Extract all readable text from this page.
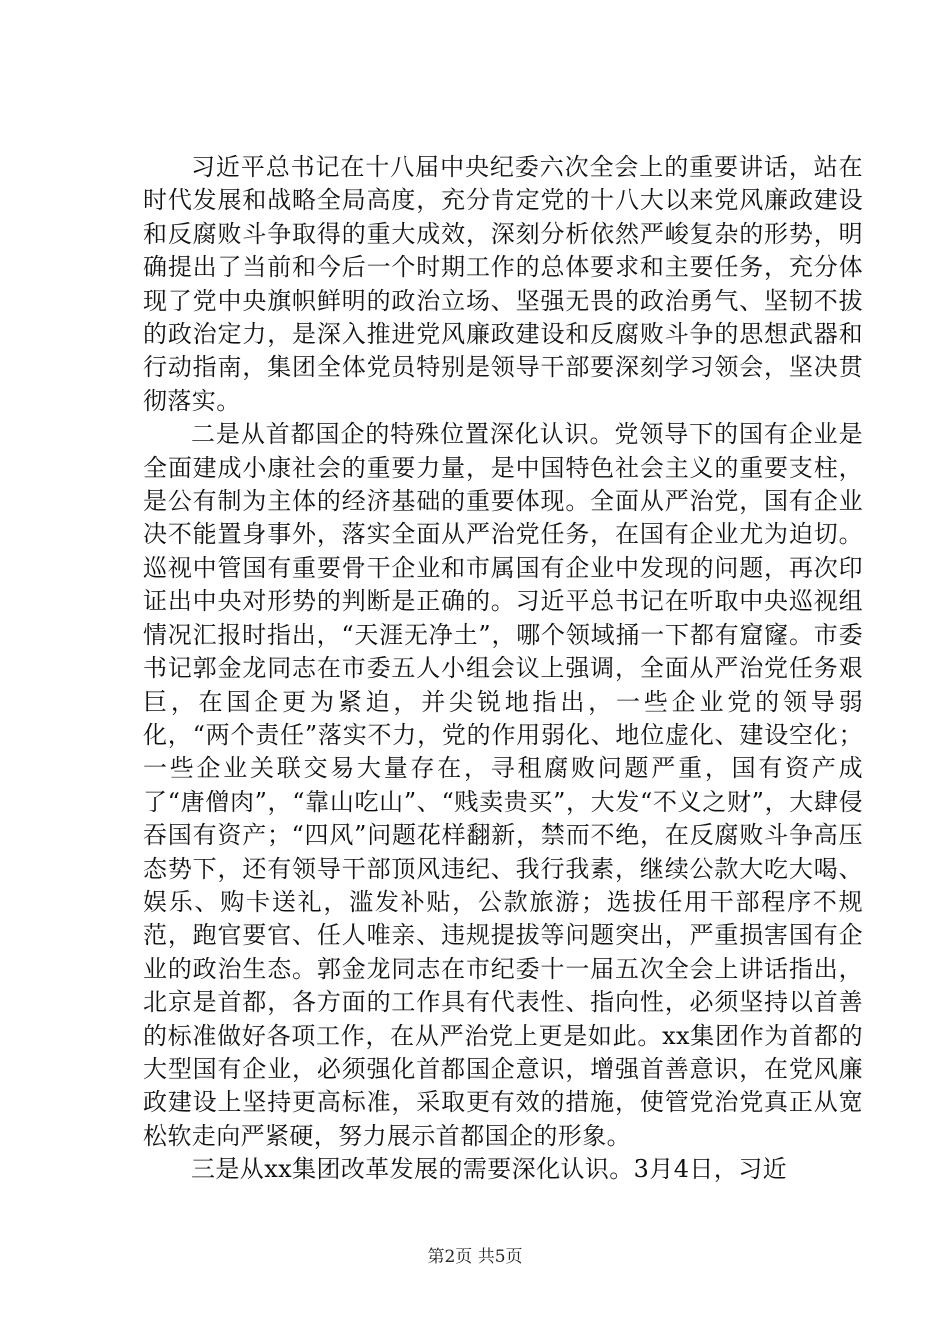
习近平总书记在十八届中央纪委六次全会上的重要讲话，站在时代发展和战略全局高度，充分肯定党的十八大以来党风廉政建设和反腐败斗争取得的重大成效，深刻分析依然严峻复杂的形势，明确提出了当前和今后一个时期工作的总体要求和主要任务，充分体现了党中央旗帜鲜明的政治立场、坚强无畏的政治勇气、坚韧不拔的政治定力，是深入推进党风廉政建设和反腐败斗争的思想武器和行动指南，集团全体党员特别是领导干部要深刻学习领会，坚决贯彻落实。

二是从首都国企的特殊位置深化认识。党领导下的国有企业是全面建成小康社会的重要力量，是中国特色社会主义的重要支柱，是公有制为主体的经济基础的重要体现。全面从严治党，国有企业决不能置身事外，落实全面从严治党任务，在国有企业尤为迫切。巡视中管国有重要骨干企业和市属国有企业中发现的问题，再次印证出中央对形势的判断是正确的。习近平总书记在听取中央巡视组情况汇报时指出，“天涯无净土”，哪个领域捅一下都有窟窿。市委书记郭金龙同志在市委五人小组会议上强调，全面从严治党任务艰巨，在国企更为紧迫，并尖锐地指出，一些企业党的领导弱化，“两个责任”落实不力，党的作用弱化、地位虚化、建设空化；一些企业关联交易大量存在，寻租腐败问题严重，国有资产成了“唐僧肉”，“靠山吃山”、“贱卖贵买”，大发“不义之财”，大肆侵吞国有资产；“四风”问题花样翻新，禁而不绝，在反腐败斗争高压态势下，还有领导干部顶风违纪、我行我素，继续公款大吃大喝、娱乐、购卡送礼，滥发补贴，公款旅游；选拔任用干部程序不规范，跑官要官、任人唯亲、违规提拔等问题突出，严重损害国有企业的政治生态。郭金龙同志在市纪委十一届五次全会上讲话指出，北京是首都，各方面的工作具有代表性、指向性，必须坚持以首善的标准做好各项工作，在从严治党上更是如此。xx集团作为首都的大型国有企业，必须强化首都国企意识，增强首善意识，在党风廉政建设上坚持更高标准，采取更有效的措施，使管党治党真正从宽松软走向严紧硬，努力展示首都国企的形象。

三是从xx集团改革发展的需要深化认识。3月4日，习近

第2页 共5页
